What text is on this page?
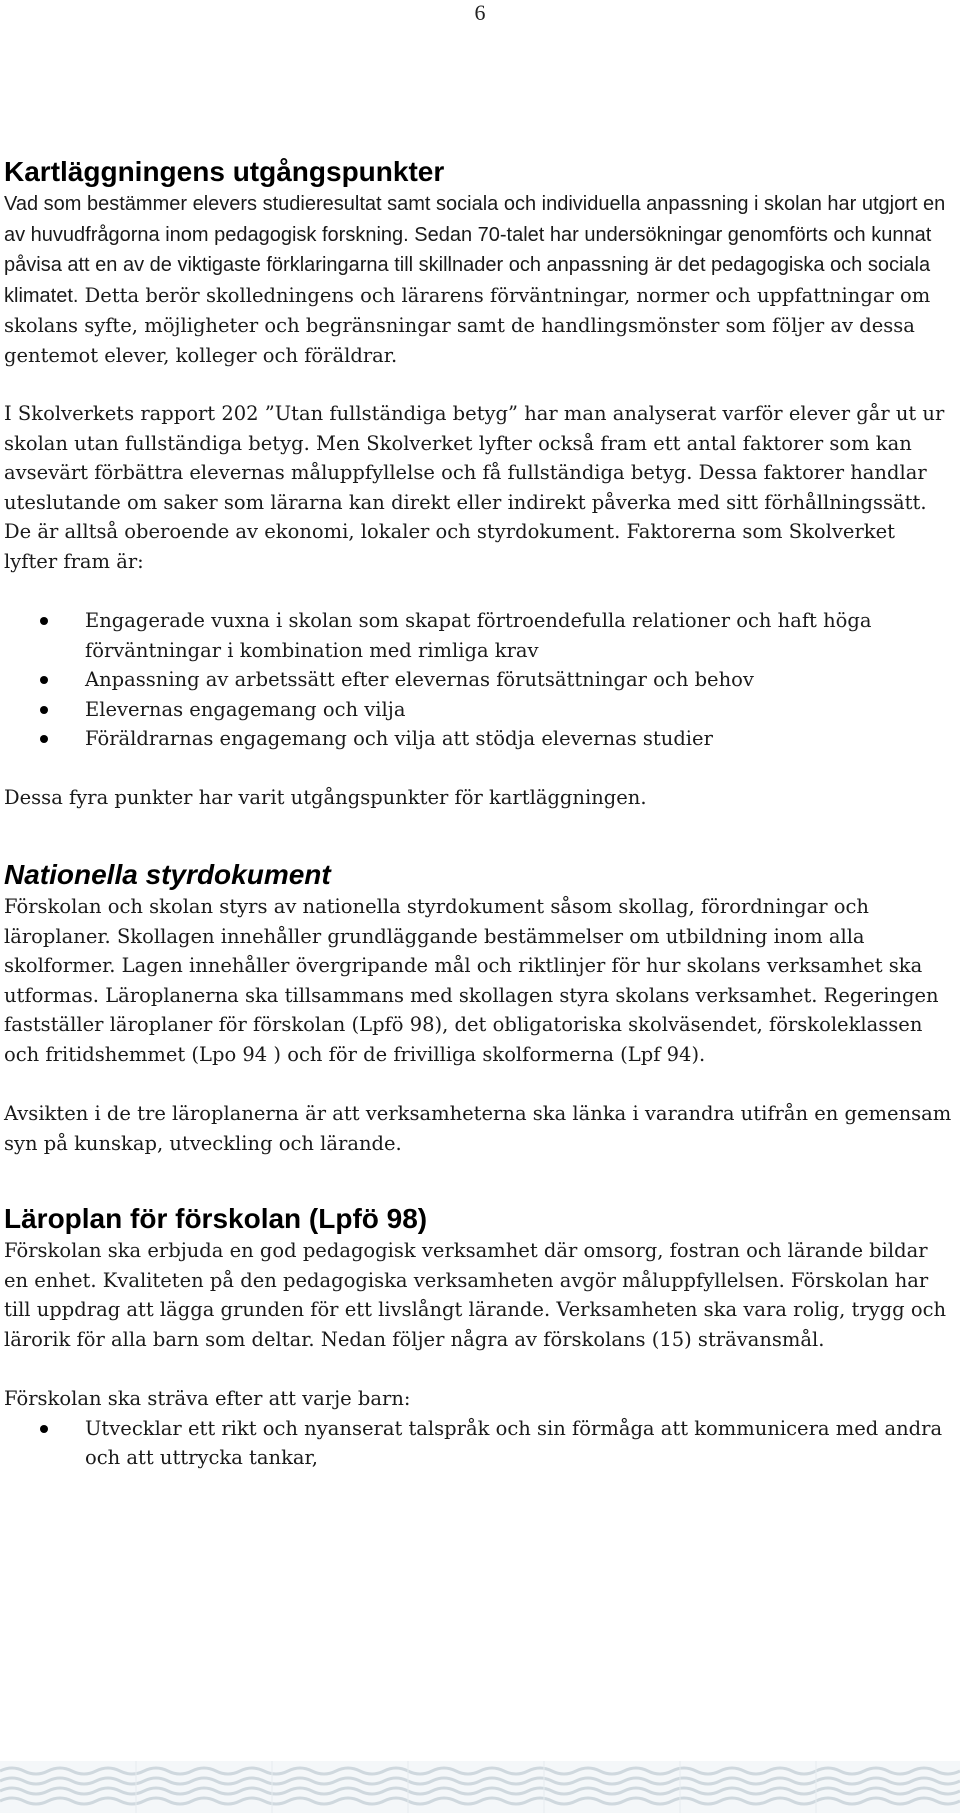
6
Kartläggningens utgångspunkter

Vad som bestämmer elevers studieresultat samt sociala och individuella anpassning i skolan har utgjort en av huvudfrågorna inom pedagogisk forskning. Sedan 70-talet har undersökningar genomförts och kunnat påvisa att en av de viktigaste förklaringarna till skillnader och anpassning är det pedagogiska och sociala klimatet. Detta berör skolledningens och lärarens förväntningar, normer och uppfattningar om skolans syfte, möjligheter och begränsningar samt de handlingsmönster som följer av dessa gentemot elever, kolleger och föräldrar.

I Skolverkets rapport 202 ”Utan fullständiga betyg” har man analyserat varför elever går ut ur skolan utan fullständiga betyg. Men Skolverket lyfter också fram ett antal faktorer som kan avsevärt förbättra elevernas måluppfyllelse och få fullständiga betyg. Dessa faktorer handlar uteslutande om saker som lärarna kan direkt eller indirekt påverka med sitt förhållningssätt. De är alltså oberoende av ekonomi, lokaler och styrdokument. Faktorerna som Skolverket lyfter fram är:

Engagerade vuxna i skolan som skapat förtroendefulla relationer och haft höga förväntningar i kombination med rimliga krav
Anpassning av arbetssätt efter elevernas förutsättningar och behov
Elevernas engagemang och vilja
Föräldrarnas engagemang och vilja att stödja elevernas studier

Dessa fyra punkter har varit utgångspunkter för kartläggningen.

Nationella styrdokument

Förskolan och skolan styrs av nationella styrdokument såsom skollag, förordningar och läroplaner. Skollagen innehåller grundläggande bestämmelser om utbildning inom alla skolformer. Lagen innehåller övergripande mål och riktlinjer för hur skolans verksamhet ska utformas. Läroplanerna ska tillsammans med skollagen styra skolans verksamhet. Regeringen fastställer läroplaner för förskolan (Lpfö 98), det obligatoriska skolväsendet, förskoleklassen och fritidshemmet (Lpo 94 ) och för de frivilliga skolformerna (Lpf 94).

Avsikten i de tre läroplanerna är att verksamheterna ska länka i varandra utifrån en gemensam syn på kunskap, utveckling och lärande.

Läroplan för förskolan (Lpfö 98)

Förskolan ska erbjuda en god pedagogisk verksamhet där omsorg, fostran och lärande bildar en enhet. Kvaliteten på den pedagogiska verksamheten avgör måluppfyllelsen. Förskolan har till uppdrag att lägga grunden för ett livslångt lärande. Verksamheten ska vara rolig, trygg och lärorik för alla barn som deltar. Nedan följer några av förskolans (15) strävansmål.

Förskolan ska sträva efter att varje barn:

Utvecklar ett rikt och nyanserat talspråk och sin förmåga att kommunicera med andra och att uttrycka tankar,
